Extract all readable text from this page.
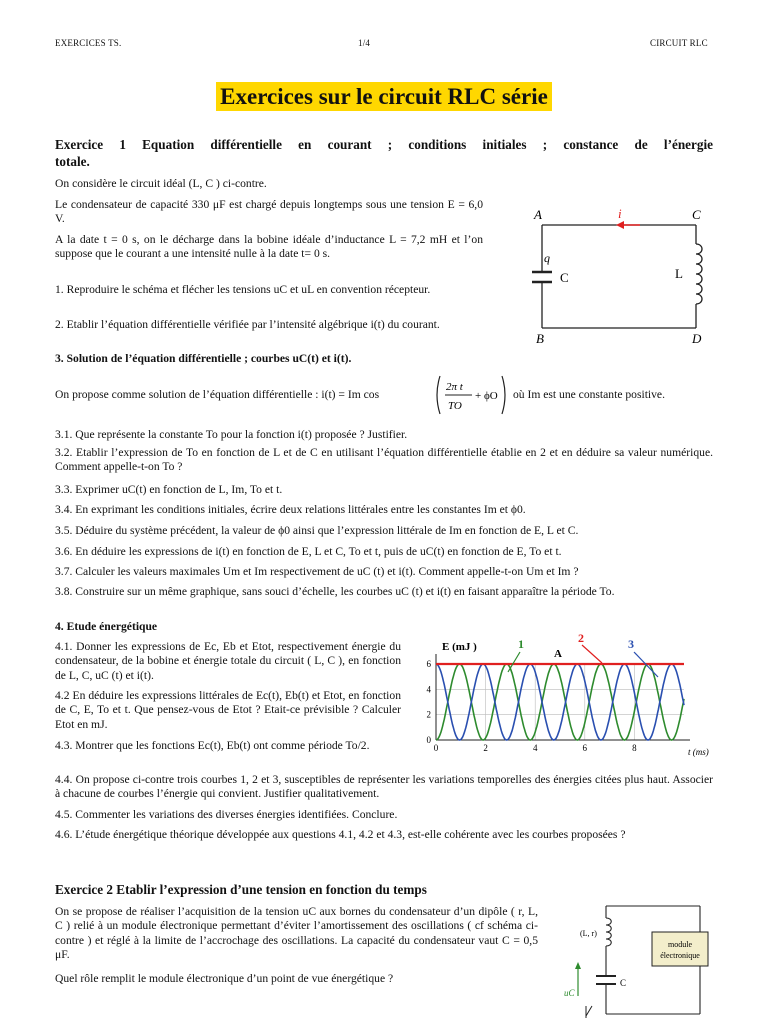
EXERCICES TS.	1/4	CIRCUIT RLC
Exercices sur le circuit RLC série

Exercice 1 Equation différentielle en courant ; conditions initiales ; constance de l’énergie

totale.

On considère le circuit idéal (L, C ) ci-contre.

Le condensateur de capacité 330 μF est chargé depuis longtemps sous une tension E = 6,0 V.

A la date t = 0 s, on le décharge dans la bobine idéale d’inductance L = 7,2 mH et l’on suppose que le courant a une intensité nulle à la date t= 0 s.

1. Reproduire le schéma et flécher les tensions uC et uL en convention récepteur.

2. Etablir l’équation différentielle vérifiée par l’intensité algébrique i(t) du courant.

3. Solution de l’équation différentielle ; courbes uC(t) et i(t).

A	C
B	D
i
q
C	L
On propose comme solution de l’équation différentielle : i(t) = Im cos
2π t
TO
+ ϕO où Im est une constante positive.

3.1. Que représente la constante To pour la fonction i(t) proposée ? Justifier.

3.2. Etablir l’expression de To en fonction de L et de C en utilisant l’équation différentielle établie en 2 et en déduire sa valeur numérique. Comment appelle-t-on To ?

3.3. Exprimer uC(t) en fonction de L, Im, To et t.

3.4. En exprimant les conditions initiales, écrire deux relations littérales entre les constantes Im et ϕ0.

3.5. Déduire du système précédent, la valeur de ϕ0 ainsi que l’expression littérale de Im en fonction de E, L et C.

3.6. En déduire les expressions de i(t) en fonction de E, L et C, To et t, puis de uC(t) en fonction de E, To et t.

3.7. Calculer les valeurs maximales Um et Im respectivement de uC (t) et i(t). Comment appelle-t-on Um et Im ?

3.8. Construire sur un même graphique, sans souci d’échelle, les courbes uC (t) et i(t) en faisant apparaître la période To.

4. Etude énergétique

4.1. Donner les expressions de Ec, Eb et Etot, respectivement énergie du condensateur, de la bobine et énergie totale du circuit ( L, C ), en fonction de L, C, uC (t) et i(t).

4.2 En déduire les expressions littérales de Ec(t), Eb(t) et Etot, en fonction de C, E, To et t. Que pensez-vous de Etot ? Etait-ce prévisible ? Calculer Etot en mJ.

4.3. Montrer que les fonctions Ec(t), Eb(t) ont comme période To/2.

4.4. On propose ci-contre trois courbes 1, 2 et 3, susceptibles de représenter les variations temporelles des énergies citées plus haut. Associer à chacune de courbes l’énergie qui convient. Justifier qualitativement.

4.5. Commenter les variations des diverses énergies identifiées. Conclure.

4.6. L’étude énergétique théorique développée aux questions 4.1, 4.2 et 4.3, est-elle cohérente avec les courbes proposées ?

E (mJ )
t (ms)
A
1	2	3
0	2	4	6	8
0
2
4
6

Exercice 2 Etablir l’expression d’une tension en fonction du temps

On se propose de réaliser l’acquisition de la tension uC aux bornes du condensateur d’un dipôle ( r, L, C ) relié à un module électronique permettant d’éviter l’amortissement des oscillations ( cf schéma ci-contre ) et réglé à la limite de l’accrochage des oscillations. La capacité du condensateur vaut C = 0,5 μF.

Quel rôle remplit le module électronique d’un point de vue énergétique ?

(L, r)
module
électronique
uC
C
